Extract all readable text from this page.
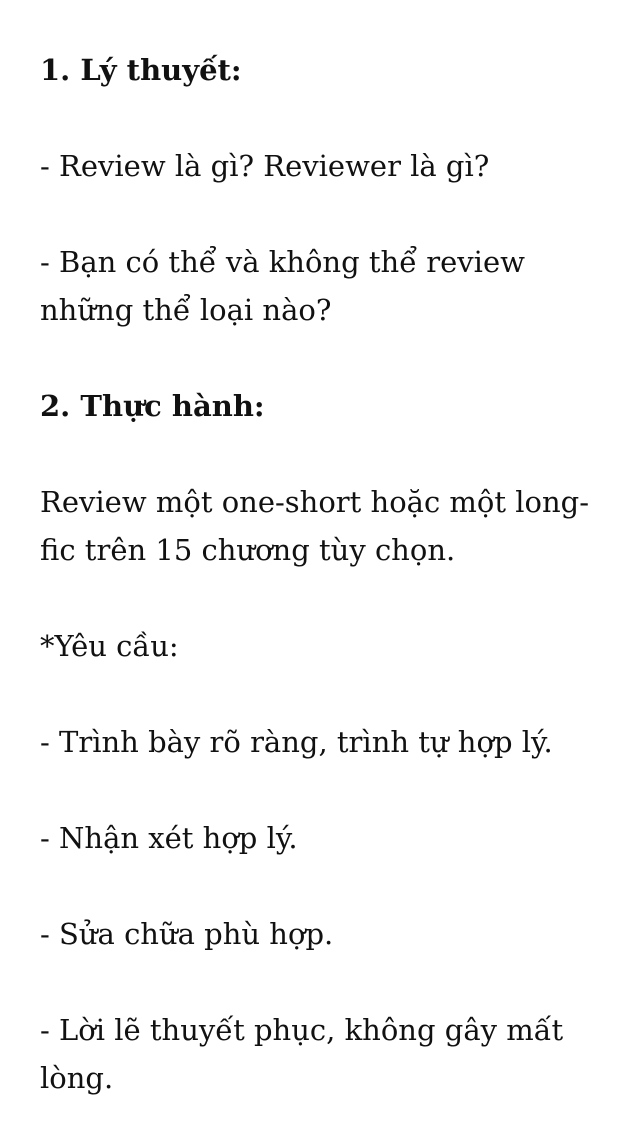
1. Lý thuyết:

- Review là gì? Reviewer là gì?

- Bạn có thể và không thể review những thể loại nào?

2. Thực hành:

Review một one-short hoặc một long-fic trên 15 chương tùy chọn.

*Yêu cầu:

- Trình bày rõ ràng, trình tự hợp lý.

- Nhận xét hợp lý.

- Sửa chữa phù hợp.

- Lời lẽ thuyết phục, không gây mất lòng.
